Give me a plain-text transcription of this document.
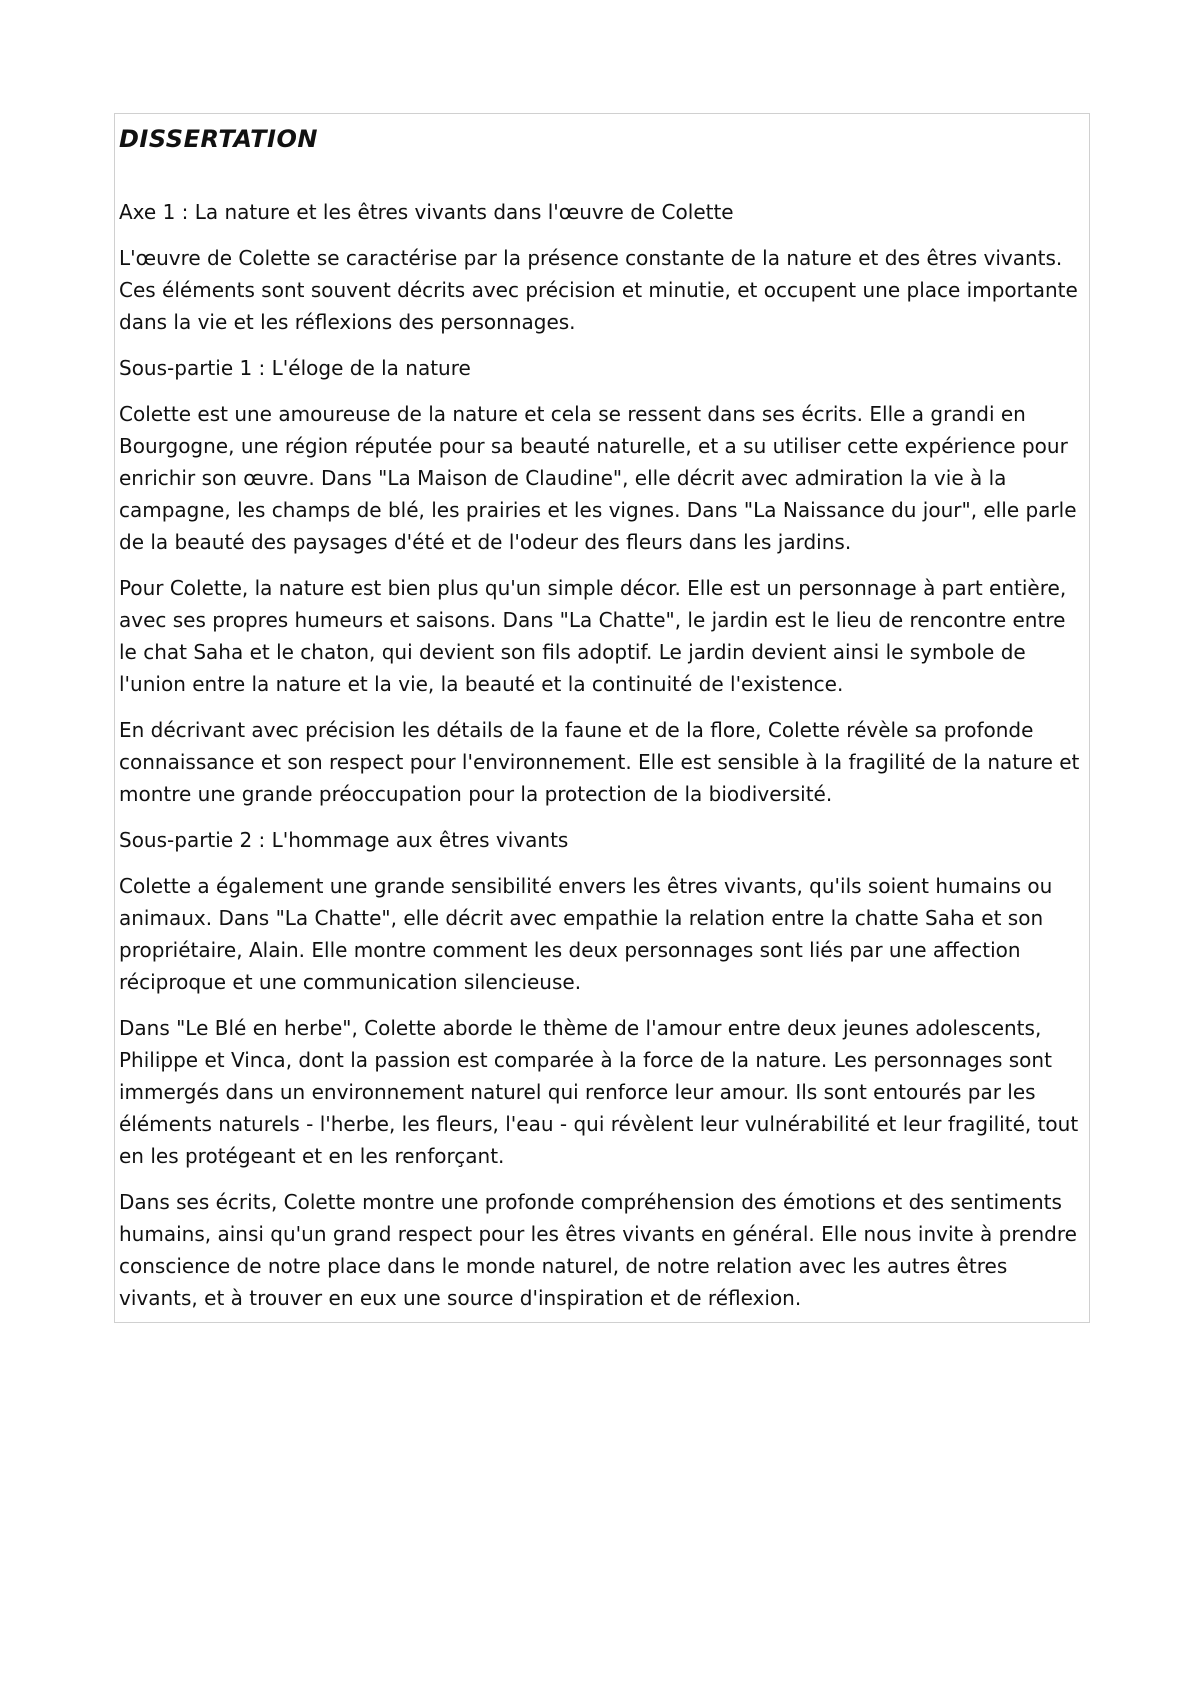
DISSERTATION
Axe 1 : La nature et les êtres vivants dans l'œuvre de Colette
L'œuvre de Colette se caractérise par la présence constante de la nature et des êtres vivants. Ces éléments sont souvent décrits avec précision et minutie, et occupent une place importante dans la vie et les réflexions des personnages.
Sous-partie 1 : L'éloge de la nature
Colette est une amoureuse de la nature et cela se ressent dans ses écrits. Elle a grandi en Bourgogne, une région réputée pour sa beauté naturelle, et a su utiliser cette expérience pour enrichir son œuvre. Dans "La Maison de Claudine", elle décrit avec admiration la vie à la campagne, les champs de blé, les prairies et les vignes. Dans "La Naissance du jour", elle parle de la beauté des paysages d'été et de l'odeur des fleurs dans les jardins.
Pour Colette, la nature est bien plus qu'un simple décor. Elle est un personnage à part entière, avec ses propres humeurs et saisons. Dans "La Chatte", le jardin est le lieu de rencontre entre le chat Saha et le chaton, qui devient son fils adoptif. Le jardin devient ainsi le symbole de l'union entre la nature et la vie, la beauté et la continuité de l'existence.
En décrivant avec précision les détails de la faune et de la flore, Colette révèle sa profonde connaissance et son respect pour l'environnement. Elle est sensible à la fragilité de la nature et montre une grande préoccupation pour la protection de la biodiversité.
Sous-partie 2 : L'hommage aux êtres vivants
Colette a également une grande sensibilité envers les êtres vivants, qu'ils soient humains ou animaux. Dans "La Chatte", elle décrit avec empathie la relation entre la chatte Saha et son propriétaire, Alain. Elle montre comment les deux personnages sont liés par une affection réciproque et une communication silencieuse.
Dans "Le Blé en herbe", Colette aborde le thème de l'amour entre deux jeunes adolescents, Philippe et Vinca, dont la passion est comparée à la force de la nature. Les personnages sont immergés dans un environnement naturel qui renforce leur amour. Ils sont entourés par les éléments naturels - l'herbe, les fleurs, l'eau - qui révèlent leur vulnérabilité et leur fragilité, tout en les protégeant et en les renforçant.
Dans ses écrits, Colette montre une profonde compréhension des émotions et des sentiments humains, ainsi qu'un grand respect pour les êtres vivants en général. Elle nous invite à prendre conscience de notre place dans le monde naturel, de notre relation avec les autres êtres vivants, et à trouver en eux une source d'inspiration et de réflexion.
